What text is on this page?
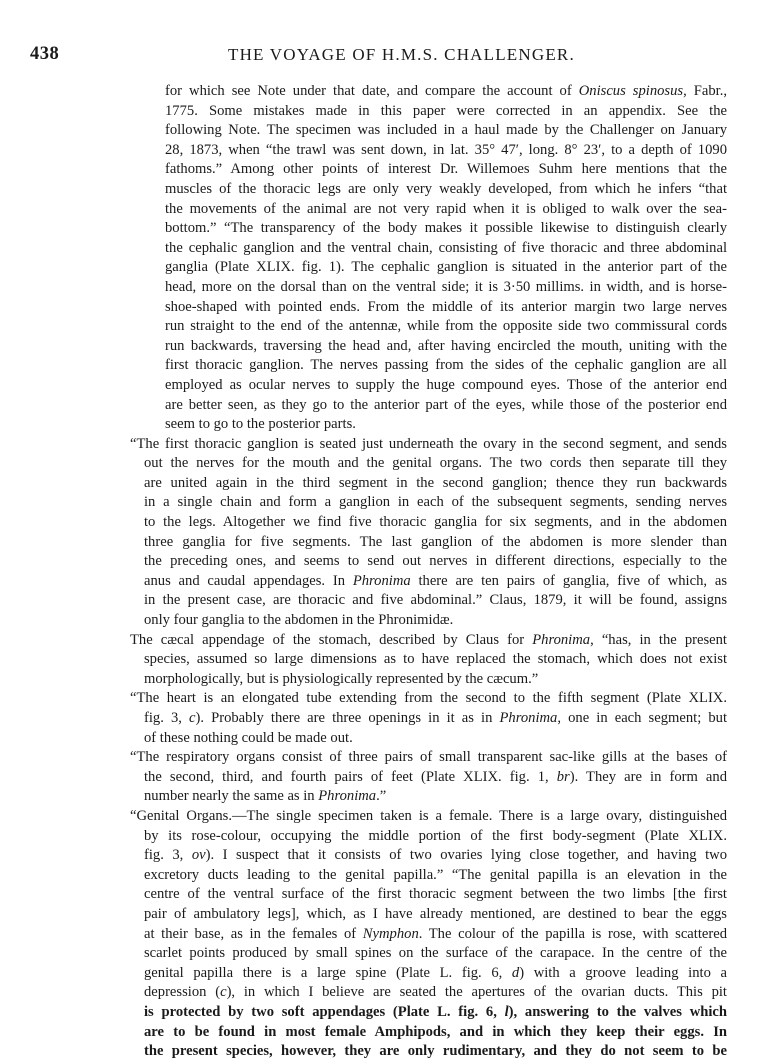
438	THE VOYAGE OF H.M.S. CHALLENGER.
for which see Note under that date, and compare the account of Oniscus spinosus, Fabr.,
1775. Some mistakes made in this paper were corrected in an appendix. See the
following Note. The specimen was included in a haul made by the Challenger on January
28, 1873, when “the trawl was sent down, in lat. 35° 47′, long. 8° 23′, to a depth of 1090
fathoms.” Among other points of interest Dr. Willemoes Suhm here mentions that the
muscles of the thoracic legs are only very weakly developed, from which he infers “that
the movements of the animal are not very rapid when it is obliged to walk over the sea-
bottom.” “The transparency of the body makes it possible likewise to distinguish clearly
the cephalic ganglion and the ventral chain, consisting of five thoracic and three abdominal
ganglia (Plate XLIX. fig. 1). The cephalic ganglion is situated in the anterior part of the
head, more on the dorsal than on the ventral side; it is 3·50 millims. in width, and is horse-
shoe-shaped with pointed ends. From the middle of its anterior margin two large nerves
run straight to the end of the antennæ, while from the opposite side two commissural cords
run backwards, traversing the head and, after having encircled the mouth, uniting with the
first thoracic ganglion. The nerves passing from the sides of the cephalic ganglion are all
employed as ocular nerves to supply the huge compound eyes. Those of the anterior end
are better seen, as they go to the anterior part of the eyes, while those of the posterior end
seem to go to the posterior parts.
“The first thoracic ganglion is seated just underneath the ovary in the second segment, and sends
out the nerves for the mouth and the genital organs. The two cords then separate till they
are united again in the third segment in the second ganglion; thence they run backwards
in a single chain and form a ganglion in each of the subsequent segments, sending nerves
to the legs. Altogether we find five thoracic ganglia for six segments, and in the abdomen
three ganglia for five segments. The last ganglion of the abdomen is more slender than
the preceding ones, and seems to send out nerves in different directions, especially to the
anus and caudal appendages. In Phronima there are ten pairs of ganglia, five of which, as
in the present case, are thoracic and five abdominal.” Claus, 1879, it will be found, assigns
only four ganglia to the abdomen in the Phronimidæ.
The cæcal appendage of the stomach, described by Claus for Phronima, “has, in the present
species, assumed so large dimensions as to have replaced the stomach, which does not exist
morphologically, but is physiologically represented by the cæcum.”
“The heart is an elongated tube extending from the second to the fifth segment (Plate XLIX.
fig. 3, c). Probably there are three openings in it as in Phronima, one in each segment; but
of these nothing could be made out.
“The respiratory organs consist of three pairs of small transparent sac-like gills at the bases of
the second, third, and fourth pairs of feet (Plate XLIX. fig. 1, br). They are in form and
number nearly the same as in Phronima.”
“Genital Organs.—The single specimen taken is a female. There is a large ovary, distinguished
by its rose-colour, occupying the middle portion of the first body-segment (Plate XLIX.
fig. 3, ov). I suspect that it consists of two ovaries lying close together, and having two
excretory ducts leading to the genital papilla.” “The genital papilla is an elevation in the
centre of the ventral surface of the first thoracic segment between the two limbs [the first
pair of ambulatory legs], which, as I have already mentioned, are destined to bear the eggs
at their base, as in the females of Nymphon. The colour of the papilla is rose, with scattered
scarlet points produced by small spines on the surface of the carapace. In the centre of the
genital papilla there is a large spine (Plate L. fig. 6, d) with a groove leading into a
depression (c), in which I believe are seated the apertures of the ovarian ducts. This pit
is protected by two soft appendages (Plate L. fig. 6, l), answering to the valves which
are to be found in most female Amphipods, and in which they keep their eggs. In
the present species, however, they are only rudimentary, and they do not seem to be
